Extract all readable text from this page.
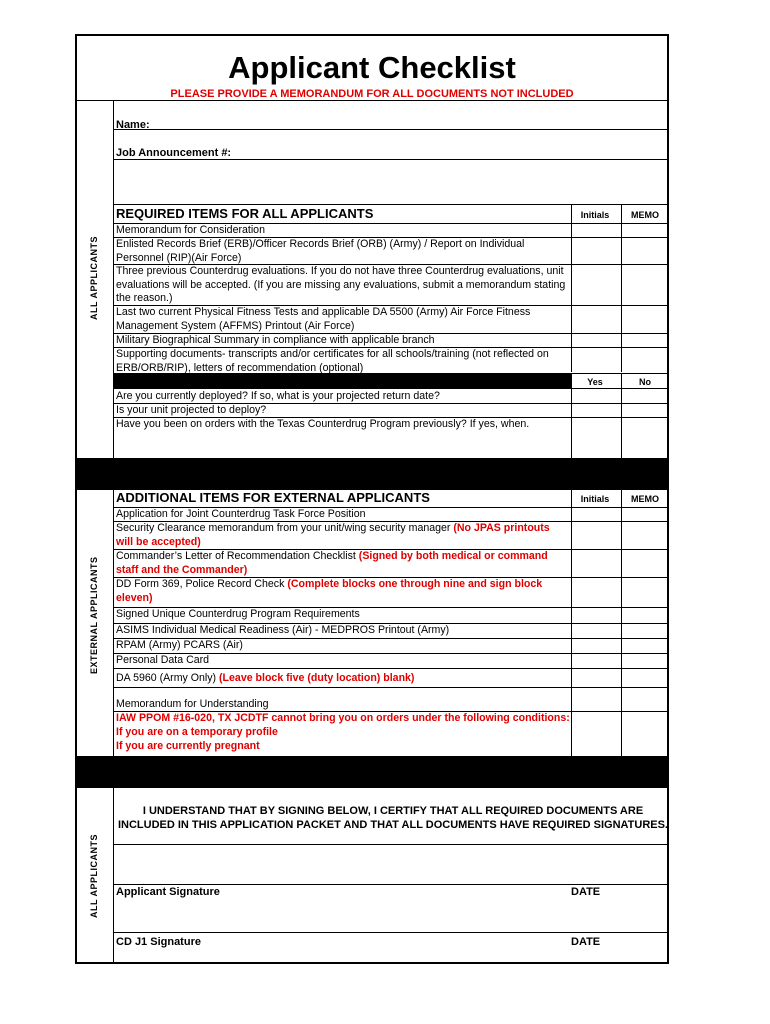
Applicant Checklist
PLEASE PROVIDE A MEMORANDUM FOR ALL DOCUMENTS NOT INCLUDED
ALL APPLICANTS
EXTERNAL APPLICANTS
ALL APPLICANTS
Name:
Job Announcement #:
REQUIRED ITEMS FOR ALL APPLICANTS	Initials	MEMO
Memorandum for Consideration
Enlisted Records Brief (ERB)/Officer Records Brief (ORB) (Army) / Report on Individual Personnel (RIP)(Air Force)
Three previous Counterdrug evaluations. If you do not have three Counterdrug evaluations, unit evaluations will be accepted. (If you are missing any evaluations, submit a memorandum stating the reason.)
Last two current Physical Fitness Tests and applicable DA 5500 (Army) Air Force Fitness Management System (AFFMS) Printout (Air Force)
Military Biographical Summary in compliance with applicable branch
Supporting documents- transcripts and/or certificates for all schools/training (not reflected on ERB/ORB/RIP), letters of recommendation (optional)
Yes	No
Are you currently deployed? If so, what is your projected return date?
Is your unit projected to deploy?
Have you been on orders with the Texas Counterdrug Program previously? If yes, when.
ADDITIONAL ITEMS FOR EXTERNAL APPLICANTS	Initials	MEMO
Application for Joint Counterdrug Task Force Position
Security Clearance memorandum from your unit/wing security manager (No JPAS printouts will be accepted)
Commander’s Letter of Recommendation Checklist (Signed by both medical or command staff and the Commander)
DD Form 369, Police Record Check (Complete blocks one through nine and sign block eleven)
Signed Unique Counterdrug Program Requirements
ASIMS Individual Medical Readiness (Air) - MEDPROS Printout (Army)
RPAM (Army) PCARS (Air)
Personal Data Card
DA 5960 (Army Only) (Leave block five (duty location) blank)
Memorandum for Understanding
IAW PPOM #16-020, TX JCDTF cannot bring you on orders under the following conditions:
If you are on a temporary profile
If you are currently pregnant
I UNDERSTAND THAT BY SIGNING BELOW, I CERTIFY THAT ALL REQUIRED DOCUMENTS ARE INCLUDED IN THIS APPLICATION PACKET AND THAT ALL DOCUMENTS HAVE REQUIRED SIGNATURES.
Applicant Signature	DATE
CD J1 Signature	DATE
